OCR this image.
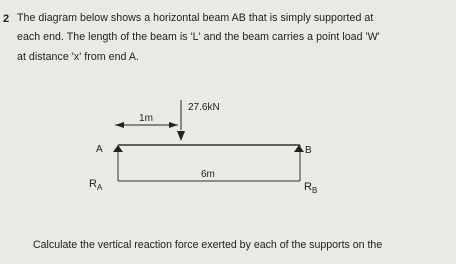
2 The diagram below shows a horizontal beam AB that is simply supported at
each end. The length of the beam is 'L' and the beam carries a point load 'W'
at distance 'x' from end A.
1m
27.6kN
A	B
6m
$R_A$	$R_B$
Calculate the vertical reaction force exerted by each of the supports on the
